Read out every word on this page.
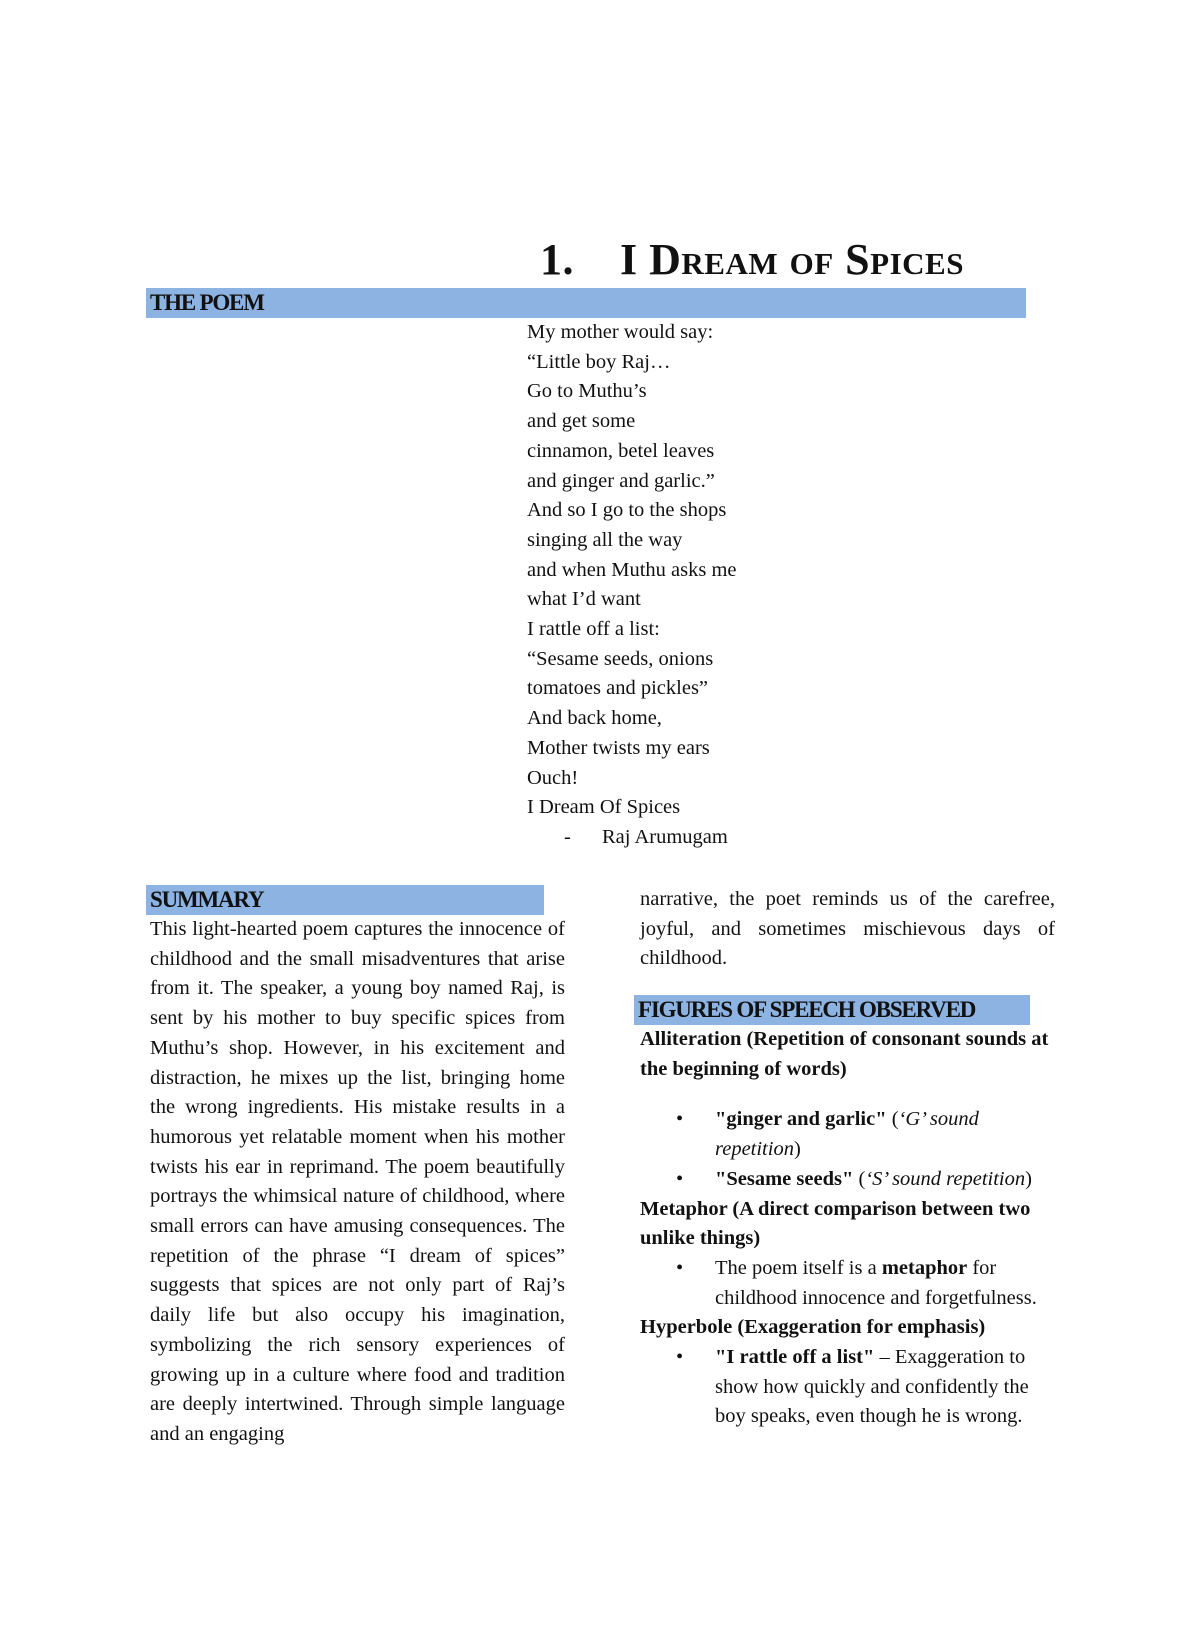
1. I Dream of Spices
THE POEM
My mother would say:
“Little boy Raj…
Go to Muthu’s
and get some
cinnamon, betel leaves
and ginger and garlic.”
And so I go to the shops
singing all the way
and when Muthu asks me
what I’d want
I rattle off a list:
“Sesame seeds, onions
tomatoes and pickles”
And back home,
Mother twists my ears
Ouch!
I Dream Of Spices
- Raj Arumugam
SUMMARY
This light-hearted poem captures the innocence of childhood and the small misadventures that arise from it. The speaker, a young boy named Raj, is sent by his mother to buy specific spices from Muthu’s shop. However, in his excitement and distraction, he mixes up the list, bringing home the wrong ingredients. His mistake results in a humorous yet relatable moment when his mother twists his ear in reprimand. The poem beautifully portrays the whimsical nature of childhood, where small errors can have amusing consequences. The repetition of the phrase “I dream of spices” suggests that spices are not only part of Raj’s daily life but also occupy his imagination, symbolizing the rich sensory experiences of growing up in a culture where food and tradition are deeply intertwined. Through simple language and an engaging
narrative, the poet reminds us of the carefree, joyful, and sometimes mischievous days of childhood.
FIGURES OF SPEECH OBSERVED
Alliteration (Repetition of consonant sounds at the beginning of words)
• "ginger and garlic" (‘G’ sound repetition)
• "Sesame seeds" (‘S’ sound repetition)
Metaphor (A direct comparison between two unlike things)
• The poem itself is a metaphor for childhood innocence and forgetfulness.
Hyperbole (Exaggeration for emphasis)
• "I rattle off a list" – Exaggeration to show how quickly and confidently the boy speaks, even though he is wrong.
